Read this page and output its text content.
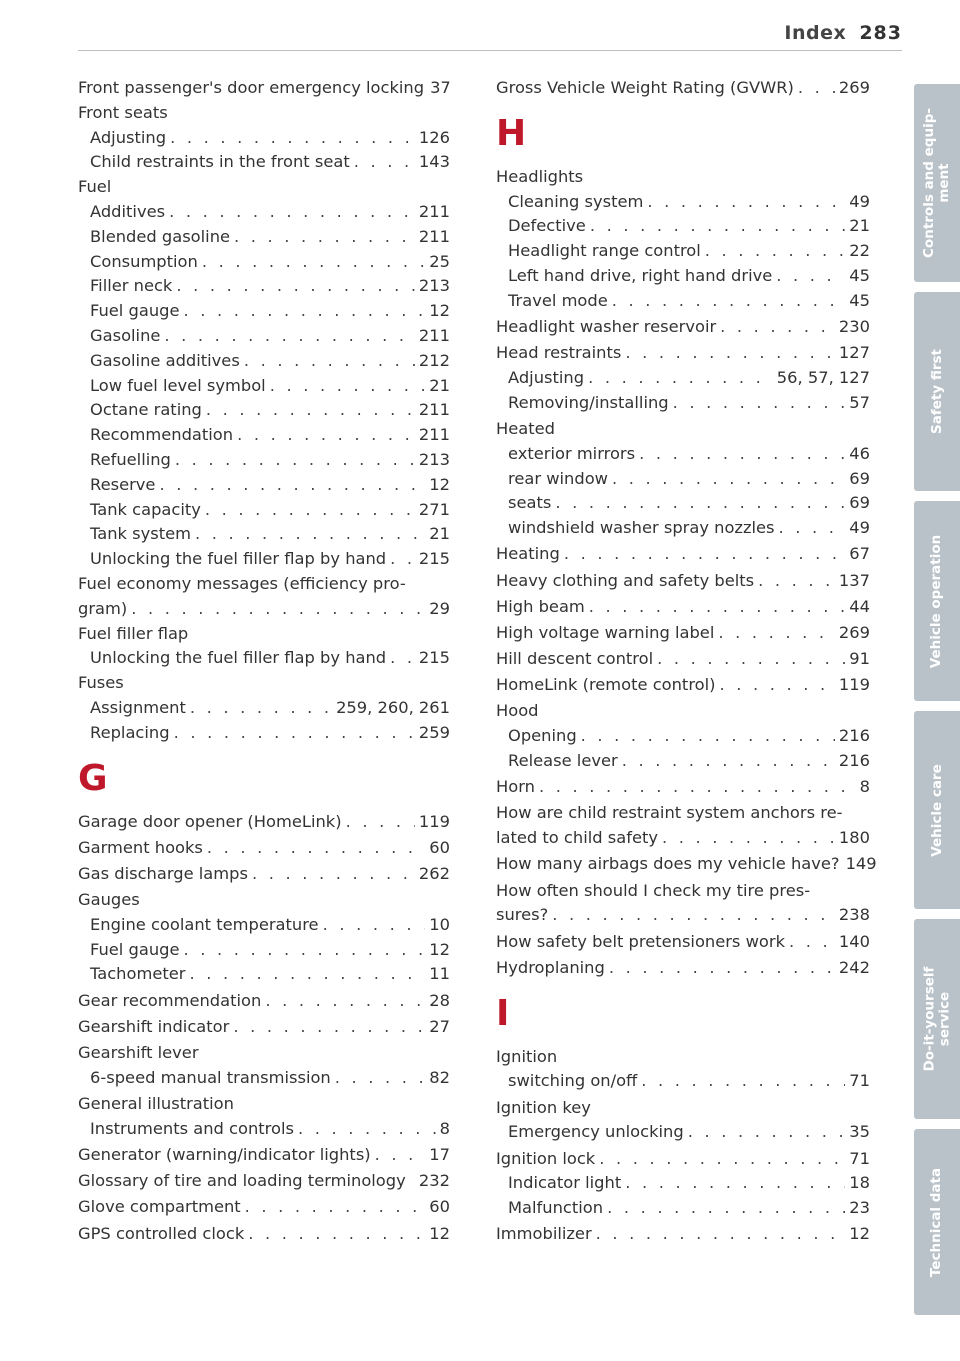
Index 283
Front passenger's door emergency locking 37
Front seats
Adjusting . . .	126
Child restraints in the front seat . . .	143
Fuel
Additives . . .	211
Blended gasoline . . .	211
Consumption . . .	25
Filler neck . . .	213
Fuel gauge . . .	12
Gasoline . . .	211
Gasoline additives . . .	212
Low fuel level symbol . . .	21
Octane rating . . .	211
Recommendation . . .	211
Refuelling . . .	213
Reserve . . .	12
Tank capacity . . .	271
Tank system . . .	21
Unlocking the fuel filler flap by hand . . . 215
Fuel economy messages (efficiency pro-
gram) . . .	29
Fuel filler flap
Unlocking the fuel filler flap by hand . . . 215
Fuses
Assignment . . .	259, 260, 261
Replacing . . .	259
G
Garage door opener (HomeLink) . . .	119
Garment hooks . . .	60
Gas discharge lamps . . .	262
Gauges
Engine coolant temperature . . .	10
Fuel gauge . . .	12
Tachometer . . .	11
Gear recommendation . . .	28
Gearshift indicator . . .	27
Gearshift lever
6-speed manual transmission . . .	82
General illustration
Instruments and controls . . .	8
Generator (warning/indicator lights) . . .	17
Glossary of tire and loading terminology 232
Glove compartment . . .	60
GPS controlled clock . . .	12
Gross Vehicle Weight Rating (GVWR) . . .	269
H
Headlights
Cleaning system . . .	49
Defective . . .	21
Headlight range control . . .	22
Left hand drive, right hand drive . . .	45
Travel mode . . .	45
Headlight washer reservoir . . .	230
Head restraints . . .	127
Adjusting . . .	56, 57, 127
Removing/installing . . .	57
Heated
exterior mirrors . . .	46
rear window . . .	69
seats . . .	69
windshield washer spray nozzles . . .	49
Heating . . .	67
Heavy clothing and safety belts . . .	137
High beam . . .	44
High voltage warning label . . .	269
Hill descent control . . .	91
HomeLink (remote control) . . .	119
Hood
Opening . . .	216
Release lever . . .	216
Horn . . .	8
How are child restraint system anchors re-
lated to child safety . . .	180
How many airbags does my vehicle have? 149
How often should I check my tire pres-
sures? . . .	238
How safety belt pretensioners work . . .	140
Hydroplaning . . .	242
I
Ignition
switching on/off . . .	71
Ignition key
Emergency unlocking . . .	35
Ignition lock . . .	71
Indicator light . . .	18
Malfunction . . .	23
Immobilizer . . .	12
Controls and equip-
ment
Safety first
Vehicle operation
Vehicle care
Do-it-yourself
service
Technical data
